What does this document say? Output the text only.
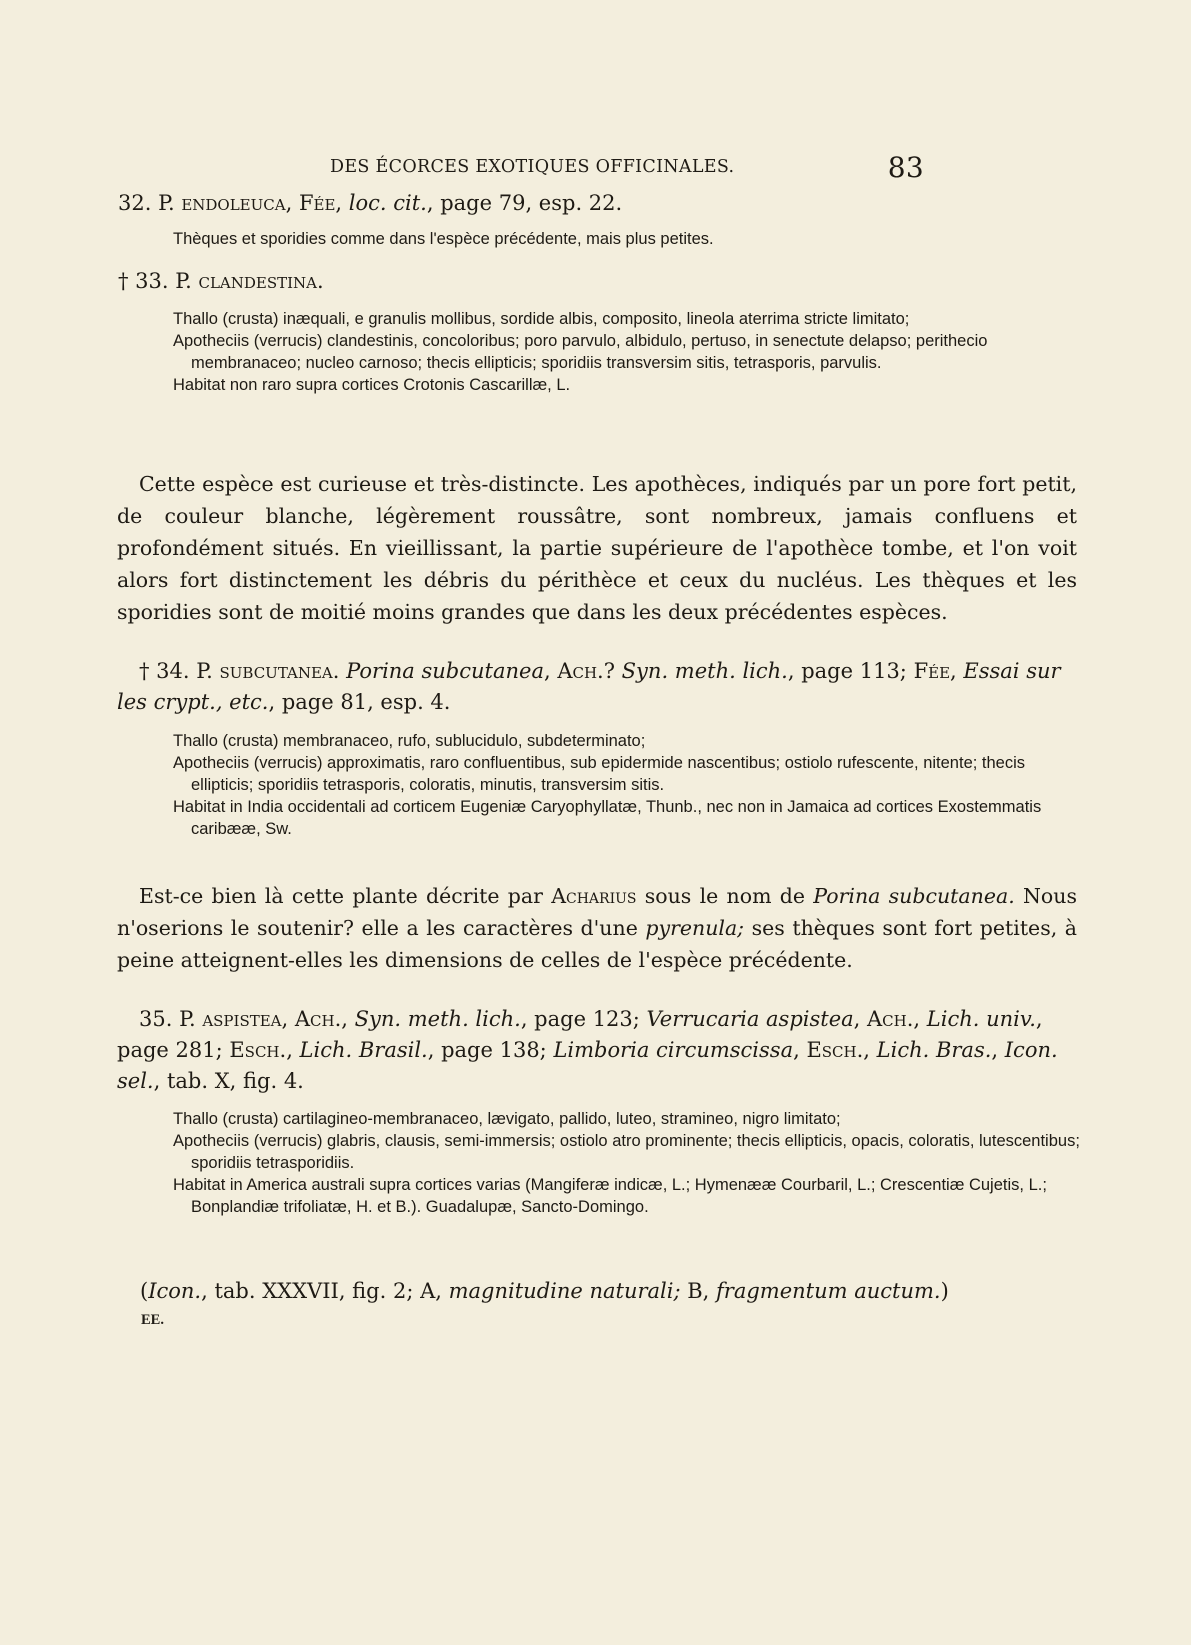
DES ÉCORCES EXOTIQUES OFFICINALES.	83

32. P. endoleuca, Fée, loc. cit., page 79, esp. 22.

Thèques et sporidies comme dans l'espèce précédente, mais plus petites.

† 33. P. clandestina.

Thallo (crusta) inæquali, e granulis mollibus, sordide albis, composito, lineola aterrima stricte limitato;

Apotheciis (verrucis) clandestinis, concoloribus; poro parvulo, albidulo, pertuso, in senectute delapso; perithecio membranaceo; nucleo carnoso; thecis ellipticis; sporidiis transversim sitis, tetrasporis, parvulis.

Habitat non raro supra cortices Crotonis Cascarillæ, L.

Cette espèce est curieuse et très-distincte. Les apothèces, indiqués par un pore fort petit, de couleur blanche, légèrement roussâtre, sont nombreux, jamais confluens et profondément situés. En vieillissant, la partie supérieure de l'apothèce tombe, et l'on voit alors fort distinctement les débris du périthèce et ceux du nucléus. Les thèques et les sporidies sont de moitié moins grandes que dans les deux précédentes espèces.

† 34. P. subcutanea. Porina subcutanea, Ach.? Syn. meth. lich., page 113; Fée, Essai sur les crypt., etc., page 81, esp. 4.

Thallo (crusta) membranaceo, rufo, sublucidulo, subdeterminato;

Apotheciis (verrucis) approximatis, raro confluentibus, sub epidermide nascentibus; ostiolo rufescente, nitente; thecis ellipticis; sporidiis tetrasporis, coloratis, minutis, transversim sitis.

Habitat in India occidentali ad corticem Eugeniæ Caryophyllatæ, Thunb., nec non in Jamaica ad cortices Exostemmatis caribææ, Sw.

Est-ce bien là cette plante décrite par Acharius sous le nom de Porina subcutanea. Nous n'oserions le soutenir? elle a les caractères d'une pyrenula; ses thèques sont fort petites, à peine atteignent-elles les dimensions de celles de l'espèce précédente.

35. P. aspistea, Ach., Syn. meth. lich., page 123; Verrucaria aspistea, Ach., Lich. univ., page 281; Esch., Lich. Brasil., page 138; Limboria circumscissa, Esch., Lich. Bras., Icon. sel., tab. X, fig. 4.

Thallo (crusta) cartilagineo-membranaceo, lævigato, pallido, luteo, stramineo, nigro limitato;

Apotheciis (verrucis) glabris, clausis, semi-immersis; ostiolo atro prominente; thecis ellipticis, opacis, coloratis, lutescentibus; sporidiis tetrasporidiis.

Habitat in America australi supra cortices varias (Mangiferæ indicæ, L.; Hymenææ Courbaril, L.; Crescentiæ Cujetis, L.; Bonplandiæ trifoliatæ, H. et B.). Guadalupæ, Sancto-Domingo.

(Icon., tab. XXXVII, fig. 2; A, magnitudine naturali; B, fragmentum auctum.)

EE.
